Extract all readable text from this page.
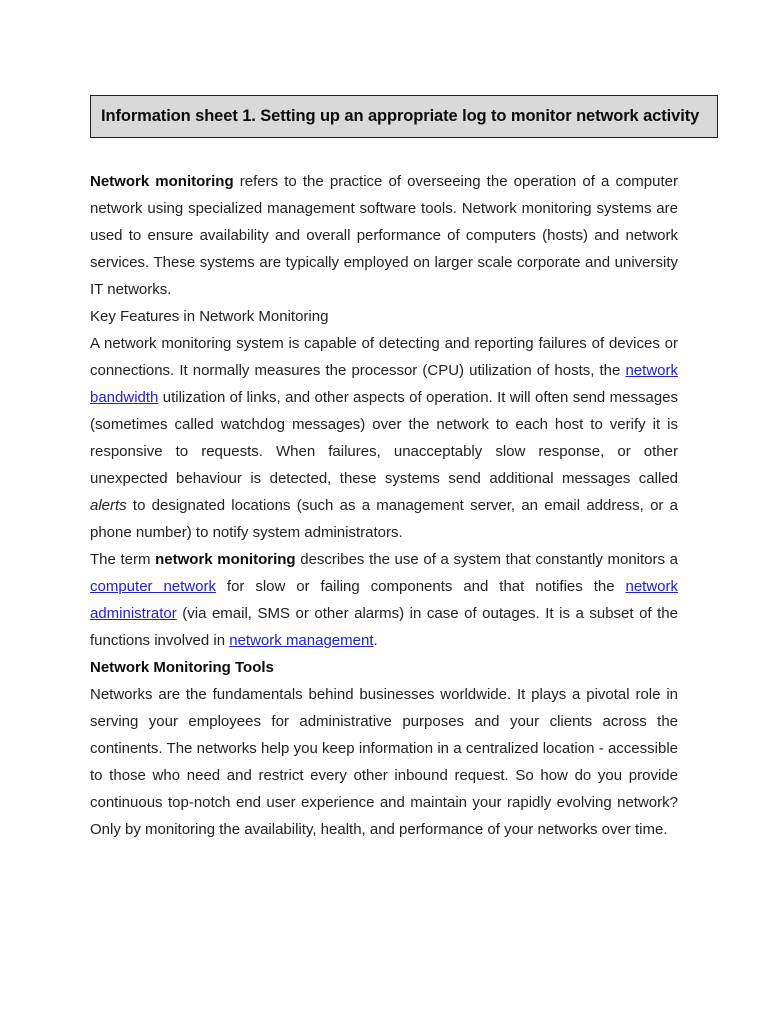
Information sheet 1. Setting up an appropriate log to monitor network activity

Network monitoring refers to the practice of overseeing the operation of a computer network using specialized management software tools. Network monitoring systems are used to ensure availability and overall performance of computers (hosts) and network services. These systems are typically employed on larger scale corporate and university IT networks.

Key Features in Network Monitoring

A network monitoring system is capable of detecting and reporting failures of devices or connections. It normally measures the processor (CPU) utilization of hosts, the network bandwidth utilization of links, and other aspects of operation. It will often send messages (sometimes called watchdog messages) over the network to each host to verify it is responsive to requests. When failures, unacceptably slow response, or other unexpected behaviour is detected, these systems send additional messages called alerts to designated locations (such as a management server, an email address, or a phone number) to notify system administrators.

The term network monitoring describes the use of a system that constantly monitors a computer network for slow or failing components and that notifies the network administrator (via email, SMS or other alarms) in case of outages. It is a subset of the functions involved in network management.

Network Monitoring Tools

Networks are the fundamentals behind businesses worldwide. It plays a pivotal role in serving your employees for administrative purposes and your clients across the continents. The networks help you keep information in a centralized location - accessible to those who need and restrict every other inbound request. So how do you provide continuous top-notch end user experience and maintain your rapidly evolving network? Only by monitoring the availability, health, and performance of your networks over time.
